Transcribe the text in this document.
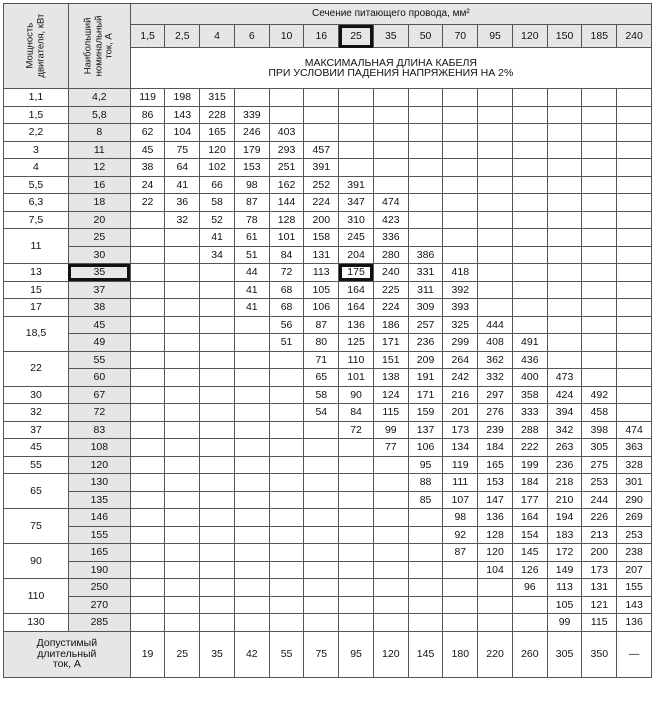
Мощность
двигателя, кВт	Наибольший
номинальный
ток, А	Сечение питающего провода, мм²														
		1,5	2,5	4	6	10	16	25	35	50	70	95	120	150	185	240
		МАКСИМАЛЬНАЯ ДЛИНА КАБЕЛЯ
ПРИ УСЛОВИИ ПАДЕНИЯ НАПРЯЖЕНИЯ НА 2%														
1,1	4,2	119	198	315												
1,5	5,8	86	143	228	339											
2,2	8	62	104	165	246	403										
3	11	45	75	120	179	293	457									
4	12	38	64	102	153	251	391									
5,5	16	24	41	66	98	162	252	391								
6,3	18	22	36	58	87	144	224	347	474							
7,5	20		32	52	78	128	200	310	423							
11	25			41	61	101	158	245	336							
	30			34	51	84	131	204	280	386						
13	35				44	72	113	175	240	331	418					
15	37				41	68	105	164	225	311	392					
17	38				41	68	106	164	224	309	393					
18,5	45					56	87	136	186	257	325	444				
	49					51	80	125	171	236	299	408	491			
22	55						71	110	151	209	264	362	436			
	60						65	101	138	191	242	332	400	473		
30	67						58	90	124	171	216	297	358	424	492	
32	72						54	84	115	159	201	276	333	394	458	
37	83							72	99	137	173	239	288	342	398	474
45	108								77	106	134	184	222	263	305	363
55	120									95	119	165	199	236	275	328
65	130									88	111	153	184	218	253	301
	135									85	107	147	177	210	244	290
75	146										98	136	164	194	226	269
	155										92	128	154	183	213	253
90	165										87	120	145	172	200	238
	190											104	126	149	173	207
110	250												96	113	131	155
	270													105	121	143
130	285													99	115	136
Допустимый
длительный
ток, А		19	25	35	42	55	75	95	120	145	180	220	260	305	350	—
